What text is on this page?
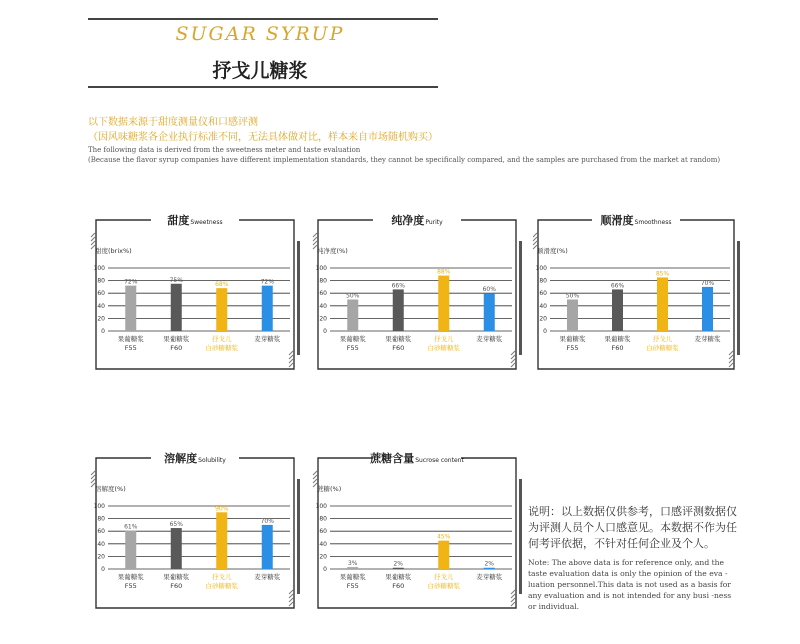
SUGAR SYRUP
抒戈儿糖浆
以下数据来源于甜度测量仪和口感评测
（因风味糖浆各企业执行标准不同，无法具体做对比，样本来自市场随机购买）
The following data is derived from the sweetness meter and taste evaluation
(Because the flavor syrup companies have different implementation standards, they cannot be specifically compared, and the samples are purchased from the market at random)
甜度Sweetness
甜度(brix%)
100
80
60
40
20
0
72%
果葡糖浆
F55
75%
果葡糖浆
F60
68%
抒戈儿
白砂糖糖浆
72%
麦芽糖浆
纯净度Purity
纯净度(%)
100
80
60
40
20
0
50%
果葡糖浆
F55
66%
果葡糖浆
F60
88%
抒戈儿
白砂糖糖浆
60%
麦芽糖浆
顺滑度Smoothness
顺滑度(%)
100
80
60
40
20
0
50%
果葡糖浆
F55
66%
果葡糖浆
F60
85%
抒戈儿
白砂糖糖浆
70%
麦芽糖浆
溶解度Solubility
溶解度(%)
100
80
60
40
20
0
61%
果葡糖浆
F55
65%
果葡糖浆
F60
90%
抒戈儿
白砂糖糖浆
70%
麦芽糖浆
蔗糖含量Sucrose content
蔗糖(%)
100
80
60
40
20
0
3%
果葡糖浆
F55
2%
果葡糖浆
F60
45%
抒戈儿
白砂糖糖浆
2%
麦芽糖浆
说明：以上数据仅供参考，口感评测数据仅为评测人员个人口感意见。本数据不作为任何考评依据，不针对任何企业及个人。
Note: The above data is for reference only, and the taste evaluation data is only the opinion of the eva -luation personnel.This data is not used as a basis for any evaluation and is not intended for any busi -ness or individual.
